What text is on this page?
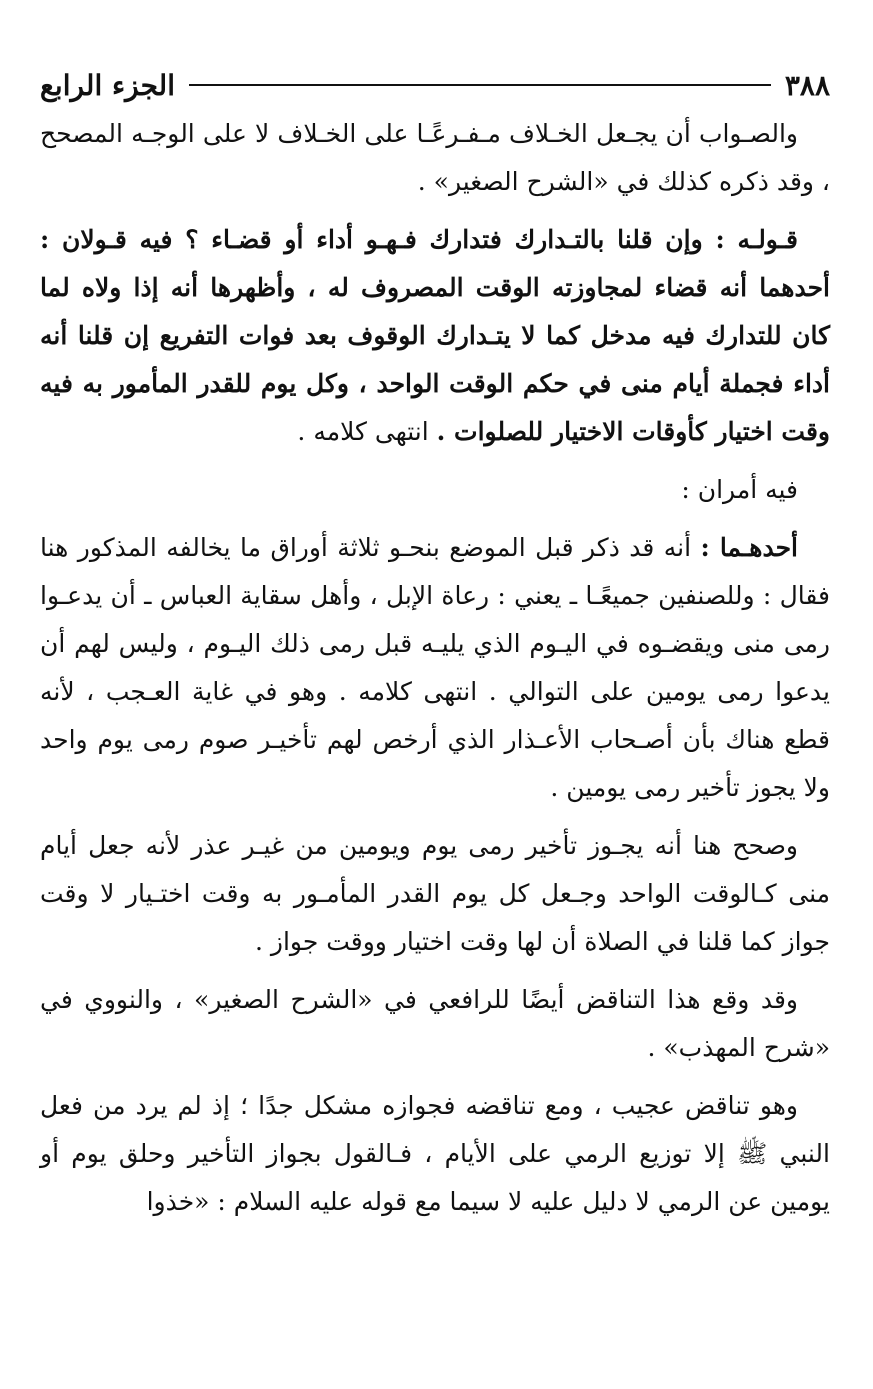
٣٨٨
الجزء الرابع

والصـواب أن يجـعل الخـلاف مـفـرعًـا على الخـلاف لا على الوجـه المصحح ، وقد ذكره كذلك في «الشرح الصغير» .

قـولـه : وإن قلنا بالتـدارك فتدارك فـهـو أداء أو قضـاء ؟ فيه قـولان : أحدهما أنه قضاء لمجاوزته الوقت المصروف له ، وأظهرها أنه إذا ولاه لما كان للتدارك فيه مدخل كما لا يتـدارك الوقوف بعد فوات التفريع إن قلنا أنه أداء فجملة أيام منى في حكم الوقت الواحد ، وكل يوم للقدر المأمور به فيه وقت اختيار كأوقات الاختيار للصلوات . انتهى كلامه .

فيه أمران :

أحدهـما : أنه قد ذكر قبل الموضع بنحـو ثلاثة أوراق ما يخالفه المذكور هنا فقال : وللصنفين جميعًـا ـ يعني : رعاة الإبل ، وأهل سقاية العباس ـ أن يدعـوا رمى منى ويقضـوه في اليـوم الذي يليـه قبل رمى ذلك اليـوم ، وليس لهم أن يدعوا رمى يومين على التوالي . انتهى كلامه . وهو في غاية العـجب ، لأنه قطع هناك بأن أصـحاب الأعـذار الذي أرخص لهم تأخيـر صوم رمى يوم واحد ولا يجوز تأخير رمى يومين .

وصحح هنا أنه يجـوز تأخير رمى يوم ويومين من غيـر عذر لأنه جعل أيام منى كـالوقت الواحد وجـعل كل يوم القدر المأمـور به وقت اختـيار لا وقت جواز كما قلنا في الصلاة أن لها وقت اختيار ووقت جواز .

وقد وقع هذا التناقض أيضًا للرافعي في «الشرح الصغير» ، والنووي في «شرح المهذب» .

وهو تناقض عجيب ، ومع تناقضه فجوازه مشكل جدًا ؛ إذ لم يرد من فعل النبي ﷺ إلا توزيع الرمي على الأيام ، فـالقول بجواز التأخير وحلق يوم أو يومين عن الرمي لا دليل عليه لا سيما مع قوله عليه السلام : «خذوا
